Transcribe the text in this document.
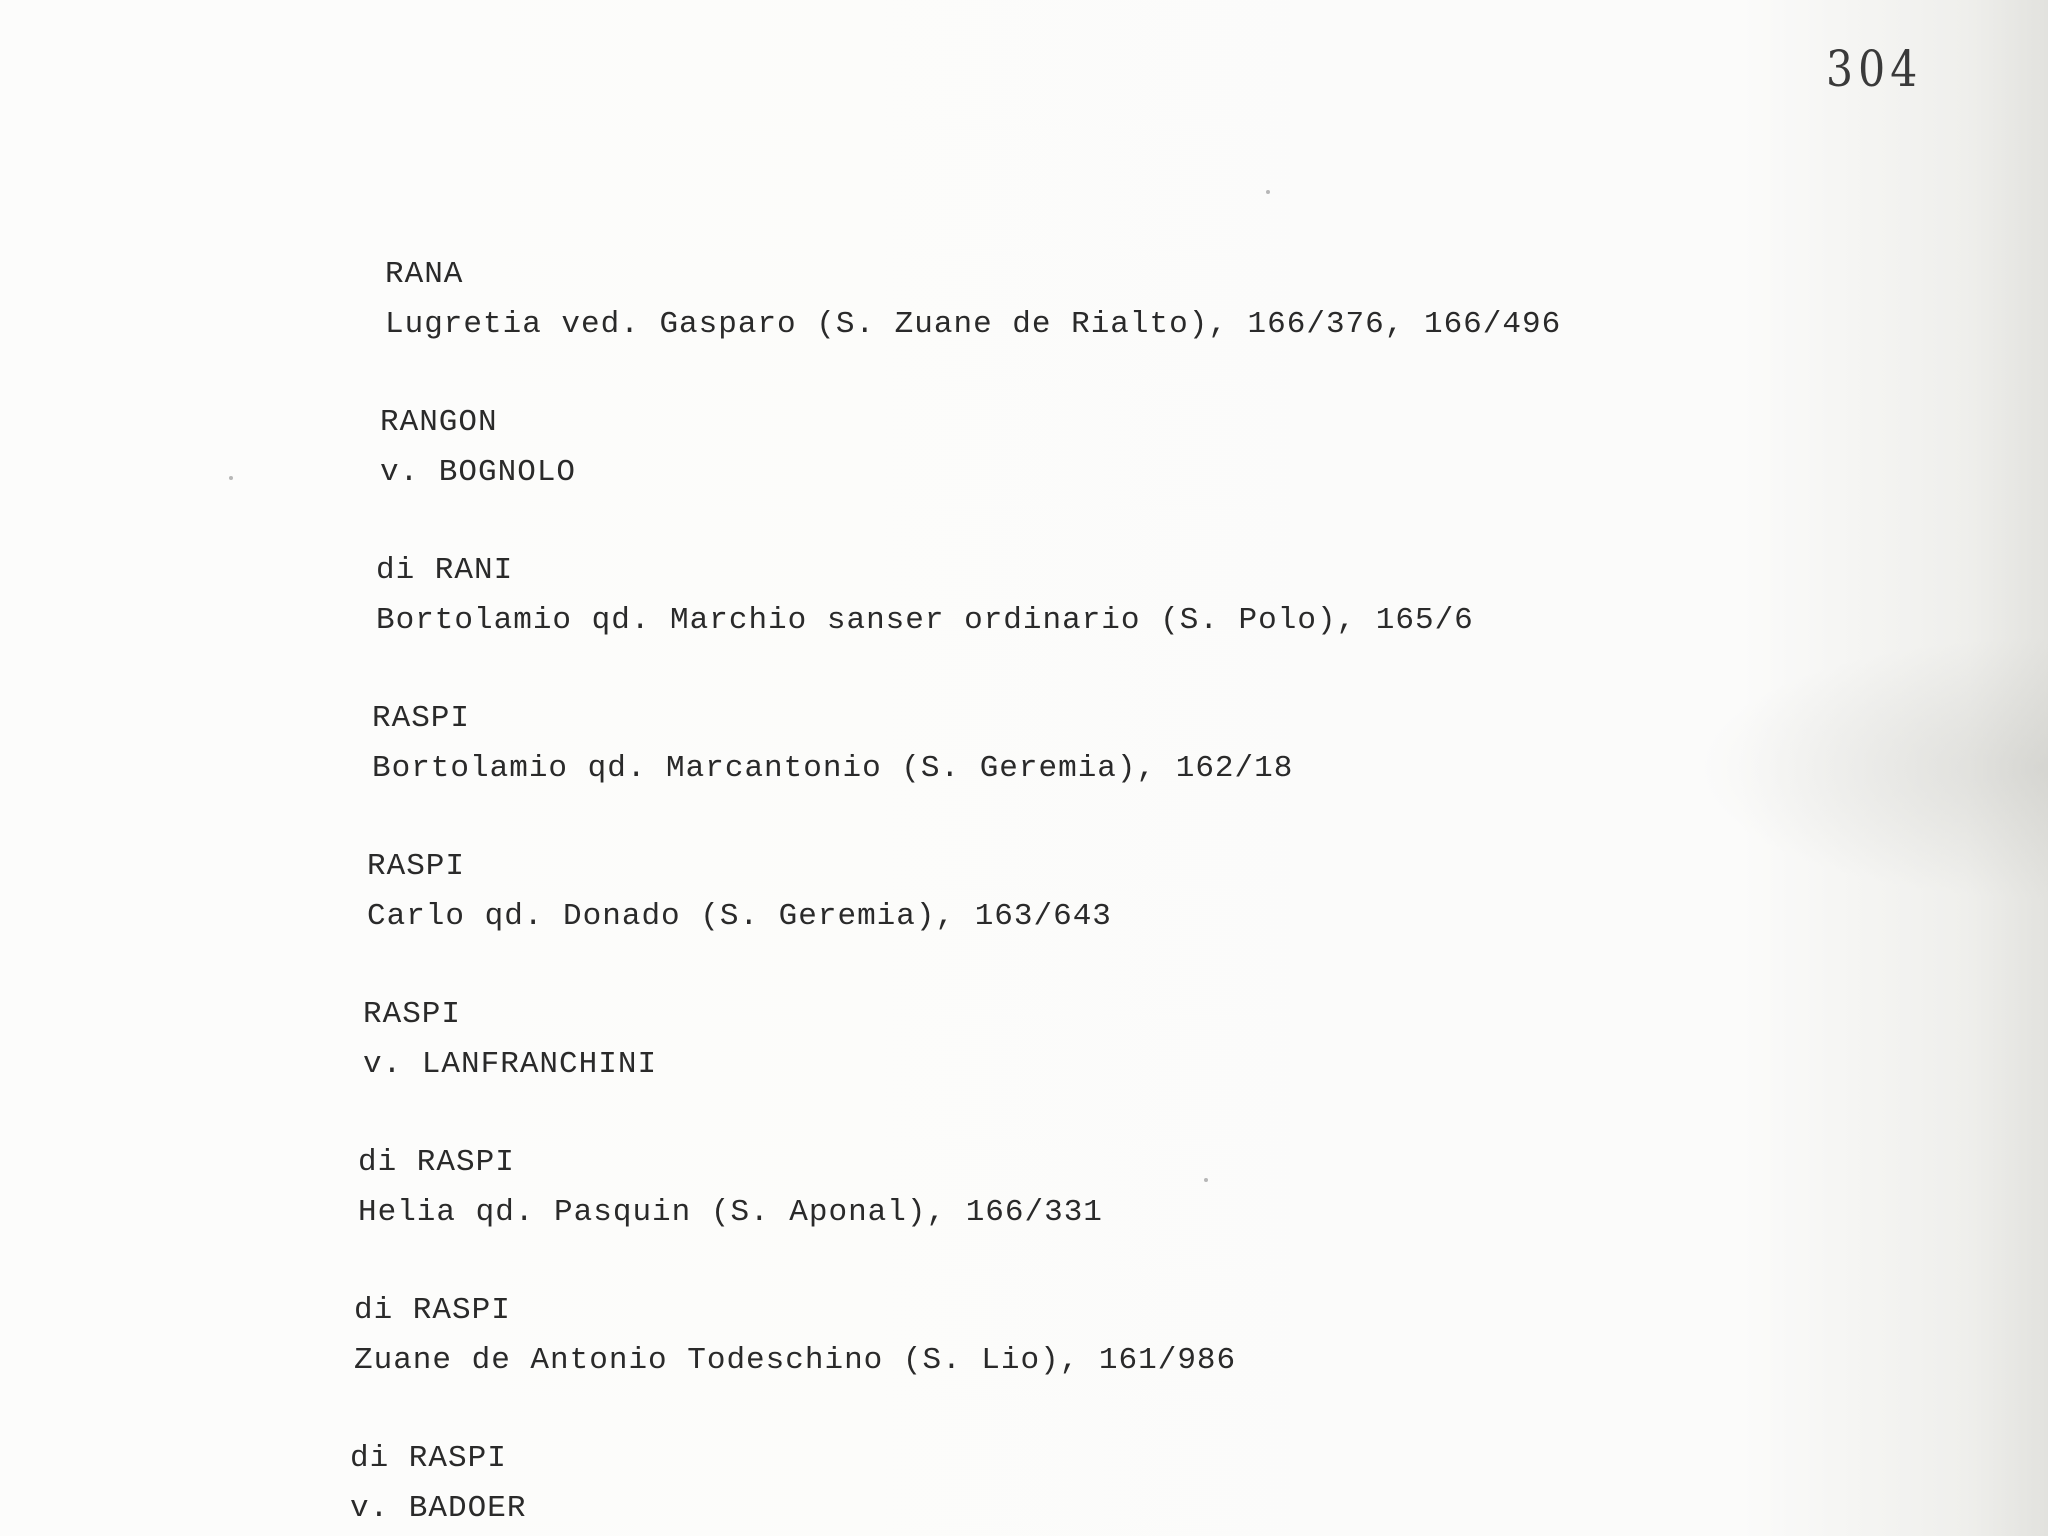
304
RANA
Lugretia ved. Gasparo (S. Zuane de Rialto), 166/376, 166/496
RANGON
v. BOGNOLO
di RANI
Bortolamio qd. Marchio sanser ordinario (S. Polo), 165/6
RASPI
Bortolamio qd. Marcantonio (S. Geremia), 162/18
RASPI
Carlo qd. Donado (S. Geremia), 163/643
RASPI
v. LANFRANCHINI
di RASPI
Helia qd. Pasquin (S. Aponal), 166/331
di RASPI
Zuane de Antonio Todeschino (S. Lio), 161/986
di RASPI
v. BADOER
